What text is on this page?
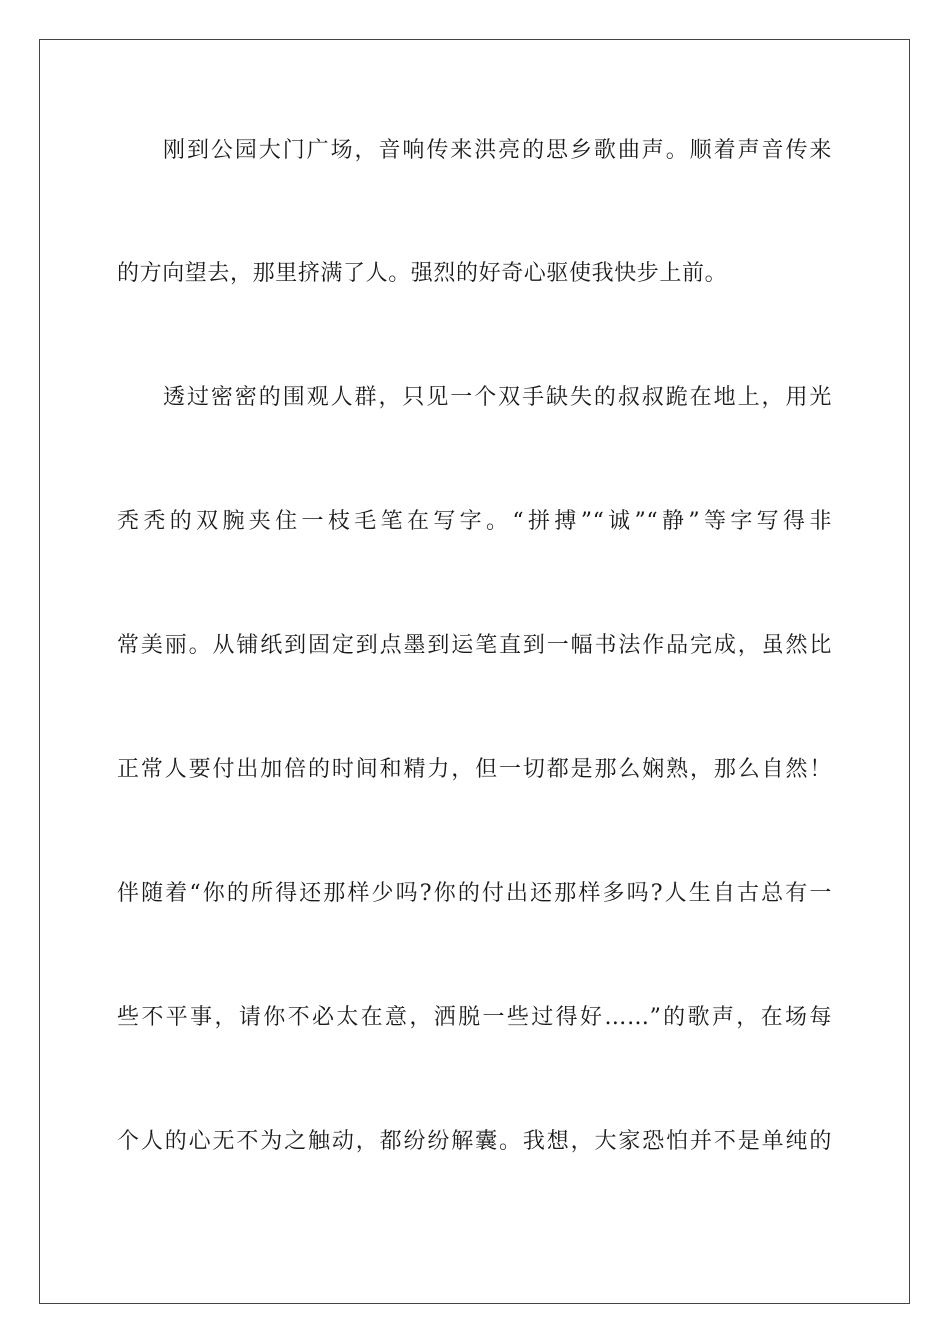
刚到公园大门广场，音响传来洪亮的思乡歌曲声。顺着声音传来
的方向望去，那里挤满了人。强烈的好奇心驱使我快步上前。
透过密密的围观人群，只见一个双手缺失的叔叔跪在地上，用光
秃秃的双腕夹住一枝毛笔在写字。“拼搏”“诚”“静”等字写得非
常美丽。从铺纸到固定到点墨到运笔直到一幅书法作品完成，虽然比
正常人要付出加倍的时间和精力，但一切都是那么娴熟，那么自然！
伴随着“你的所得还那样少吗?你的付出还那样多吗?人生自古总有一
些不平事，请你不必太在意，洒脱一些过得好……”的歌声，在场每
个人的心无不为之触动，都纷纷解囊。我想，大家恐怕并不是单纯的
